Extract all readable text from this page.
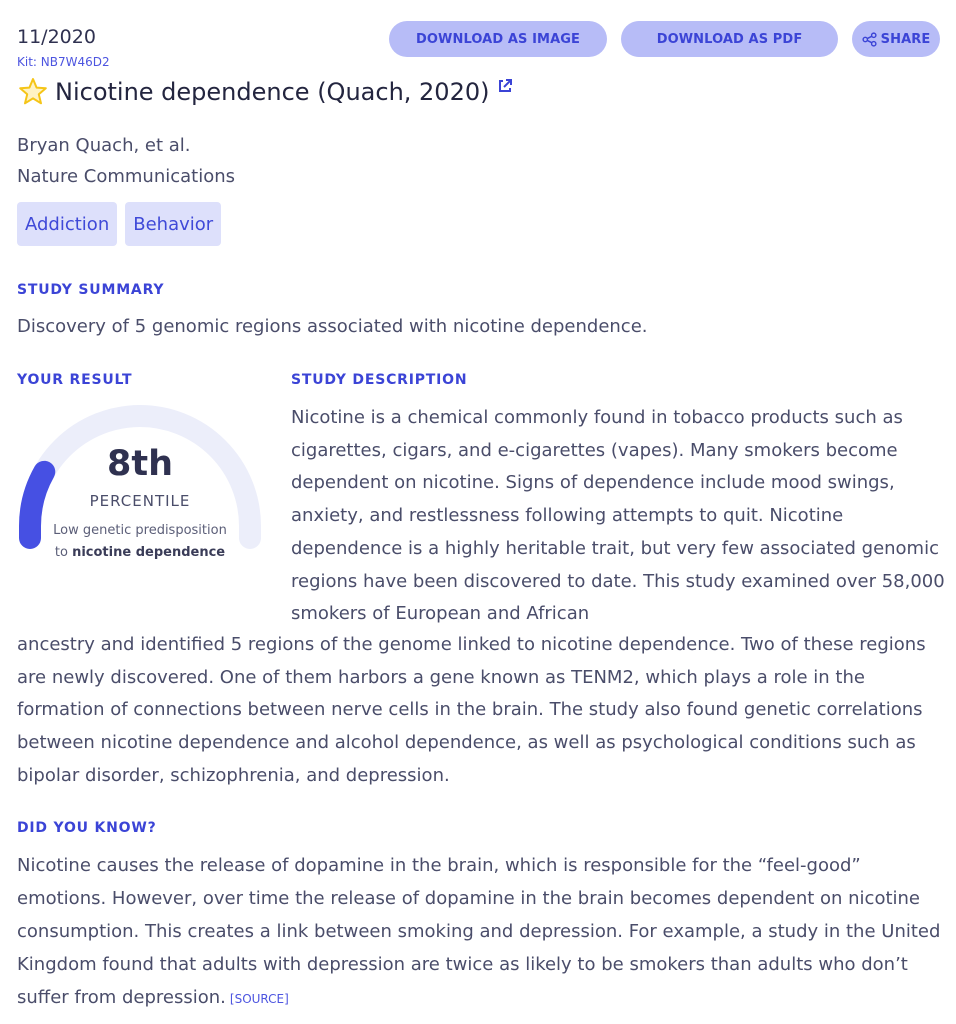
11/2020
Kit: NB7W46D2
Nicotine dependence (Quach, 2020)
DOWNLOAD AS IMAGE	DOWNLOAD AS PDF	SHARE
Bryan Quach, et al.
Nature Communications
Addiction	Behavior
STUDY SUMMARY
Discovery of 5 genomic regions associated with nicotine dependence.
YOUR RESULT	STUDY DESCRIPTION
8th
PERCENTILE
Low genetic predisposition
to nicotine dependence

Nicotine is a chemical commonly found in tobacco products such as cigarettes, cigars, and e-cigarettes (vapes). Many smokers become dependent on nicotine. Signs of dependence include mood swings, anxiety, and restlessness following attempts to quit. Nicotine dependence is a highly heritable trait, but very few associated genomic regions have been discovered to date. This study examined over 58,000 smokers of European and African

ancestry and identified 5 regions of the genome linked to nicotine dependence. Two of these regions are newly discovered. One of them harbors a gene known as TENM2, which plays a role in the formation of connections between nerve cells in the brain. The study also found genetic correlations between nicotine dependence and alcohol dependence, as well as psychological conditions such as bipolar disorder, schizophrenia, and depression.

DID YOU KNOW?

Nicotine causes the release of dopamine in the brain, which is responsible for the “feel-good” emotions. However, over time the release of dopamine in the brain becomes dependent on nicotine consumption. This creates a link between smoking and depression. For example, a study in the United Kingdom found that adults with depression are twice as likely to be smokers than adults who don’t suffer from depression. [SOURCE]
